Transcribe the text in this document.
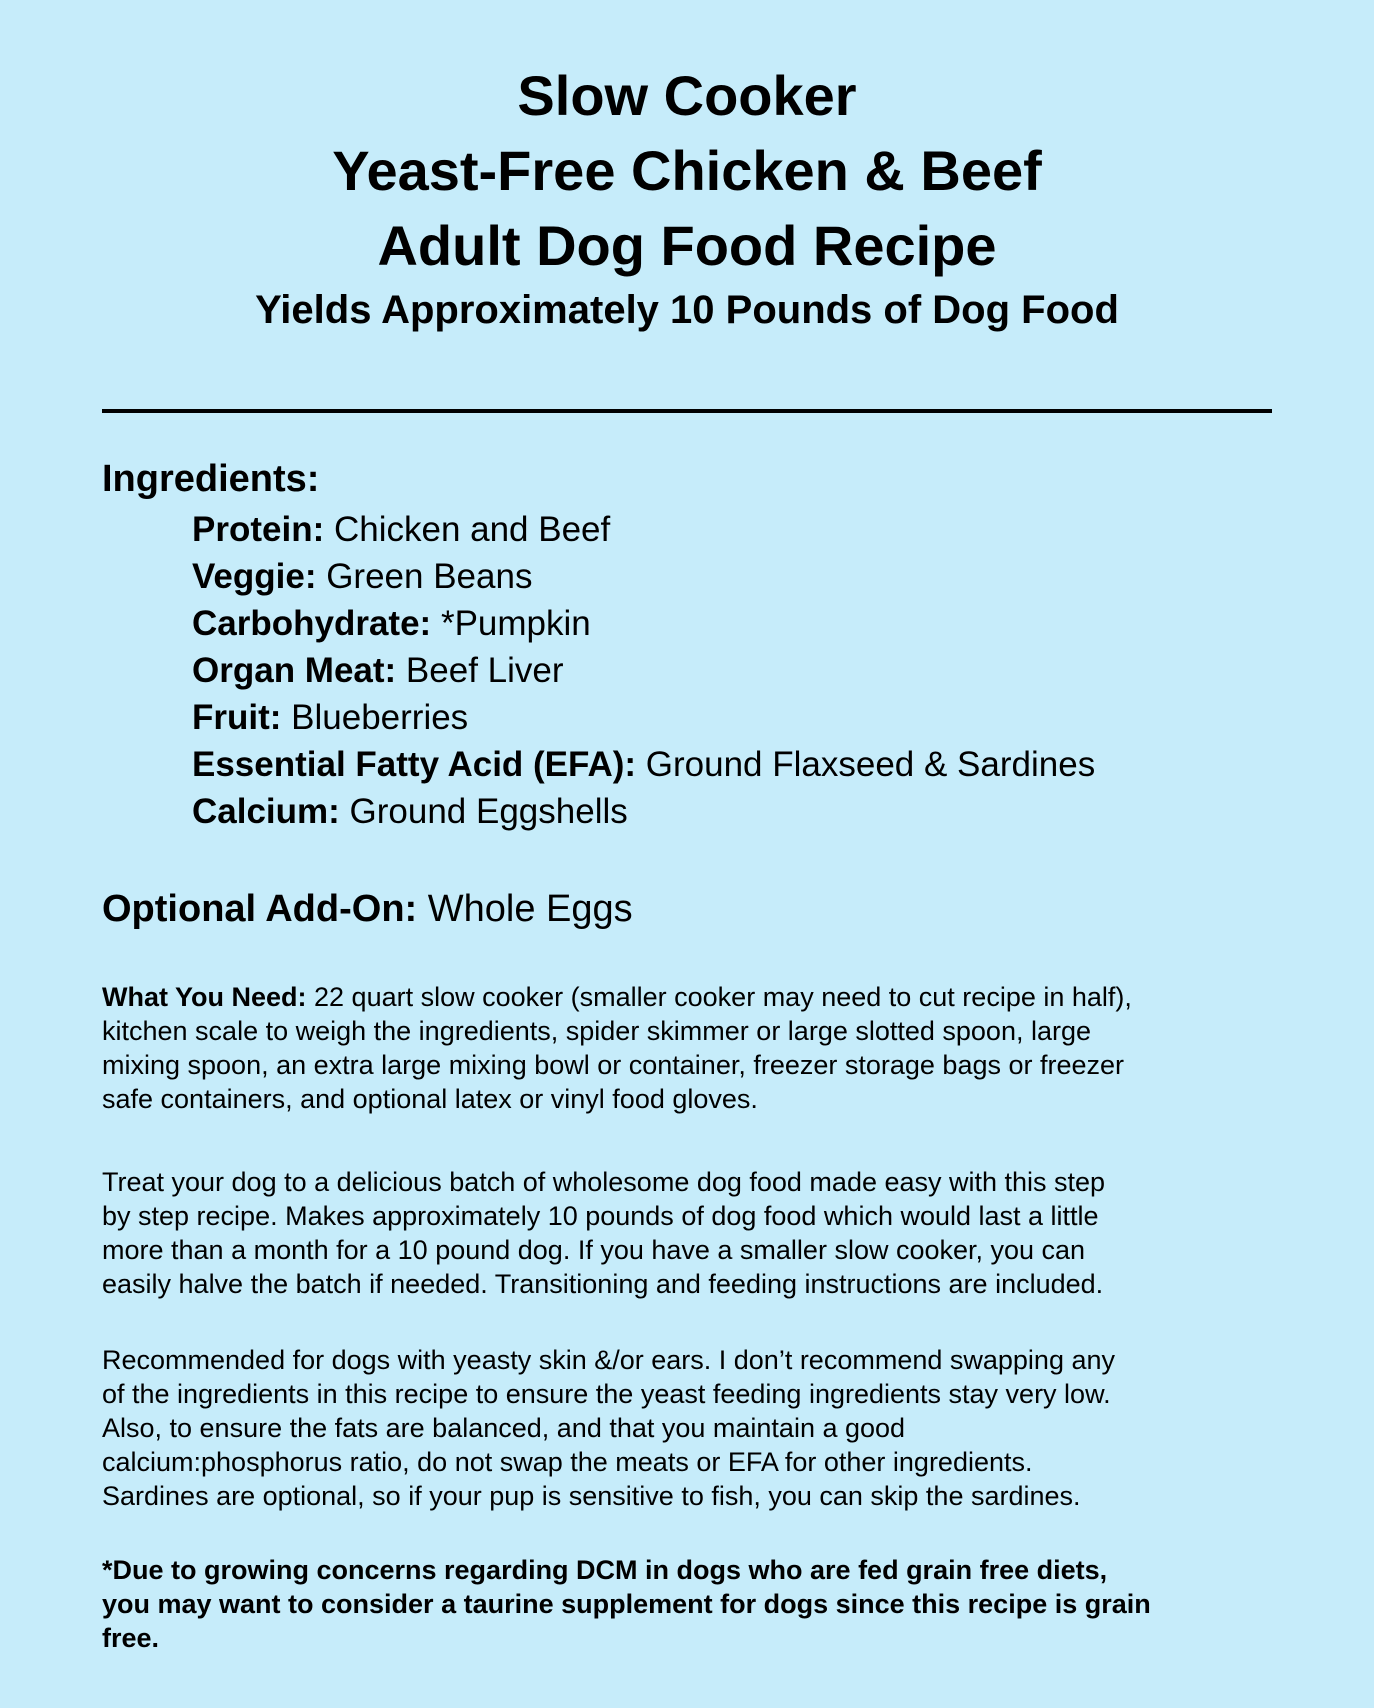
Slow Cooker
Yeast-Free Chicken & Beef
Adult Dog Food Recipe
Yields Approximately 10 Pounds of Dog Food
Ingredients:
Protein: Chicken and Beef
Veggie: Green Beans
Carbohydrate: *Pumpkin
Organ Meat: Beef Liver
Fruit: Blueberries
Essential Fatty Acid (EFA): Ground Flaxseed & Sardines
Calcium: Ground Eggshells
Optional Add-On: Whole Eggs

What You Need: 22 quart slow cooker (smaller cooker may need to cut recipe in half),
kitchen scale to weigh the ingredients, spider skimmer or large slotted spoon, large
mixing spoon, an extra large mixing bowl or container, freezer storage bags or freezer
safe containers, and optional latex or vinyl food gloves.

Treat your dog to a delicious batch of wholesome dog food made easy with this step
by step recipe. Makes approximately 10 pounds of dog food which would last a little
more than a month for a 10 pound dog. If you have a smaller slow cooker, you can
easily halve the batch if needed. Transitioning and feeding instructions are included.

Recommended for dogs with yeasty skin &/or ears. I don’t recommend swapping any
of the ingredients in this recipe to ensure the yeast feeding ingredients stay very low.
Also, to ensure the fats are balanced, and that you maintain a good
calcium:phosphorus ratio, do not swap the meats or EFA for other ingredients.
Sardines are optional, so if your pup is sensitive to fish, you can skip the sardines.

*Due to growing concerns regarding DCM in dogs who are fed grain free diets,
you may want to consider a taurine supplement for dogs since this recipe is grain
free.
